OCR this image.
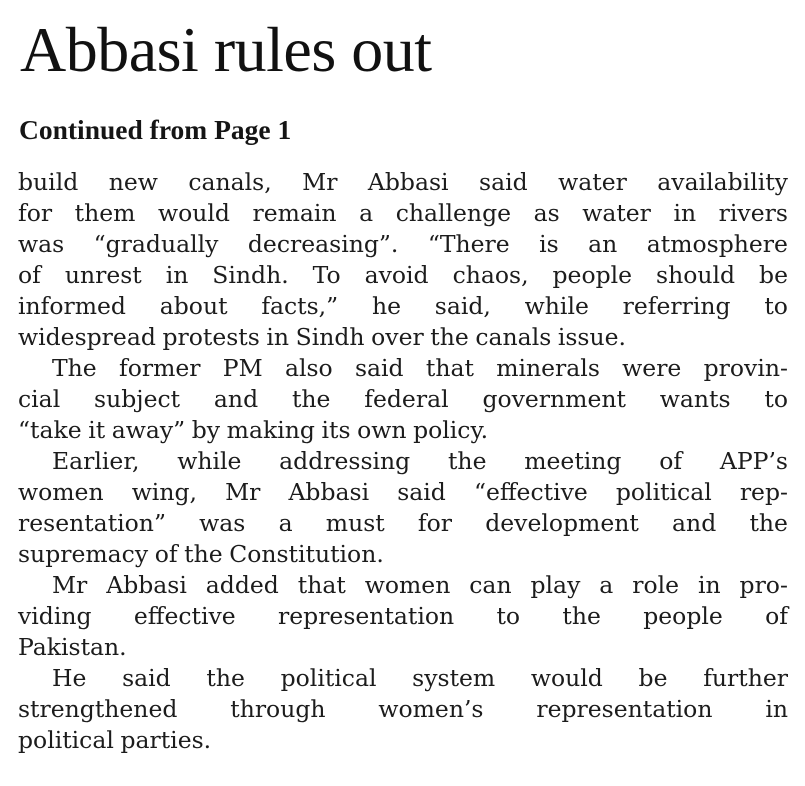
Abbasi rules out
Continued from Page 1
build new canals, Mr Abbasi said water availability
for them would remain a challenge as water in rivers
was “gradually decreasing”. “There is an atmosphere
of unrest in Sindh. To avoid chaos, people should be
informed about facts,” he said, while referring to
widespread protests in Sindh over the canals issue.
The former PM also said that minerals were provin-
cial subject and the federal government wants to
“take it away” by making its own policy.
Earlier, while addressing the meeting of APP’s
women wing, Mr Abbasi said “effective political rep-
resentation” was a must for development and the
supremacy of the Constitution.
Mr Abbasi added that women can play a role in pro-
viding effective representation to the people of
Pakistan.
He said the political system would be further
strengthened through women’s representation in
political parties.
